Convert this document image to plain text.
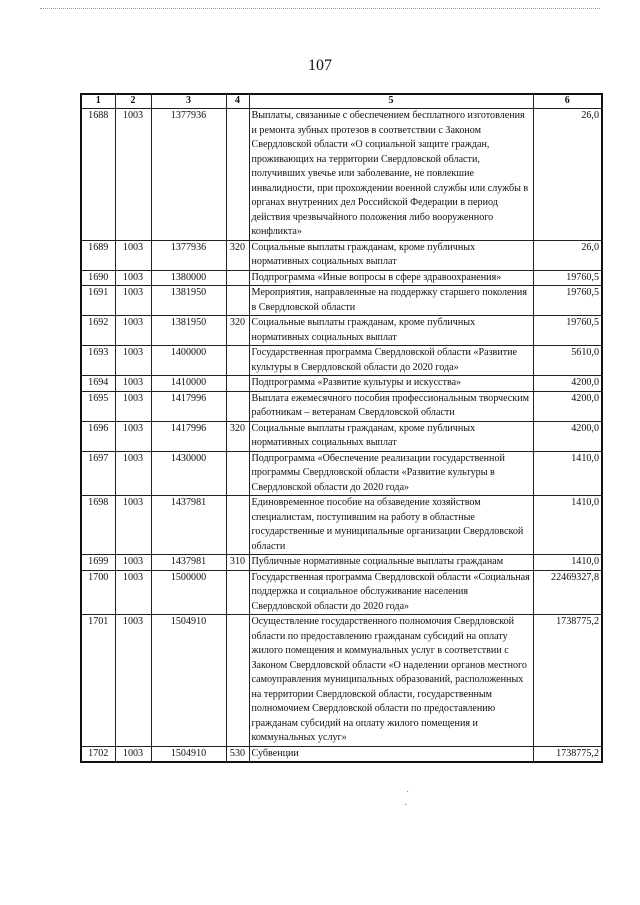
107
1	2	3	4	5	6
1688	1003	1377936		Выплаты, связанные с обеспечением бесплатного изготовления и ремонта зубных протезов в соответствии с Законом Свердловской области «О социальной защите граждан, проживающих на территории Свердловской области, получивших увечье или заболевание, не повлекшие инвалидности, при прохождении военной службы или службы в органах внутренних дел Российской Федерации в период действия чрезвычайного положения либо вооруженного конфликта»	26,0
1689	1003	1377936	320	Социальные выплаты гражданам, кроме публичных нормативных социальных выплат	26,0
1690	1003	1380000		Подпрограмма «Иные вопросы в сфере здравоохранения»	19760,5
1691	1003	1381950		Мероприятия, направленные на поддержку старшего поколения в Свердловской области	19760,5
1692	1003	1381950	320	Социальные выплаты гражданам, кроме публичных нормативных социальных выплат	19760,5
1693	1003	1400000		Государственная программа Свердловской области «Развитие культуры в Свердловской области до 2020 года»	5610,0
1694	1003	1410000		Подпрограмма «Развитие культуры и искусства»	4200,0
1695	1003	1417996		Выплата ежемесячного пособия профессиональным творческим работникам – ветеранам Свердловской области	4200,0
1696	1003	1417996	320	Социальные выплаты гражданам, кроме публичных нормативных социальных выплат	4200,0
1697	1003	1430000		Подпрограмма «Обеспечение реализации государственной программы Свердловской области «Развитие культуры в Свердловской области до 2020 года»	1410,0
1698	1003	1437981		Единовременное пособие на обзаведение хозяйством специалистам, поступившим на работу в областные государственные и муниципальные организации Свердловской области	1410,0
1699	1003	1437981	310	Публичные нормативные социальные выплаты гражданам	1410,0
1700	1003	1500000		Государственная программа Свердловской области «Социальная поддержка и социальное обслуживание населения Свердловской области до 2020 года»	22469327,8
1701	1003	1504910		Осуществление государственного полномочия Свердловской области по предоставлению гражданам субсидий на оплату жилого помещения и коммунальных услуг в соответствии с Законом Свердловской области «О наделении органов местного самоуправления муниципальных образований, расположенных на территории Свердловской области, государственным полномочием Свердловской области по предоставлению гражданам субсидий на оплату жилого помещения и коммунальных услуг»	1738775,2
1702	1003	1504910	530	Субвенции	1738775,2
·
·
